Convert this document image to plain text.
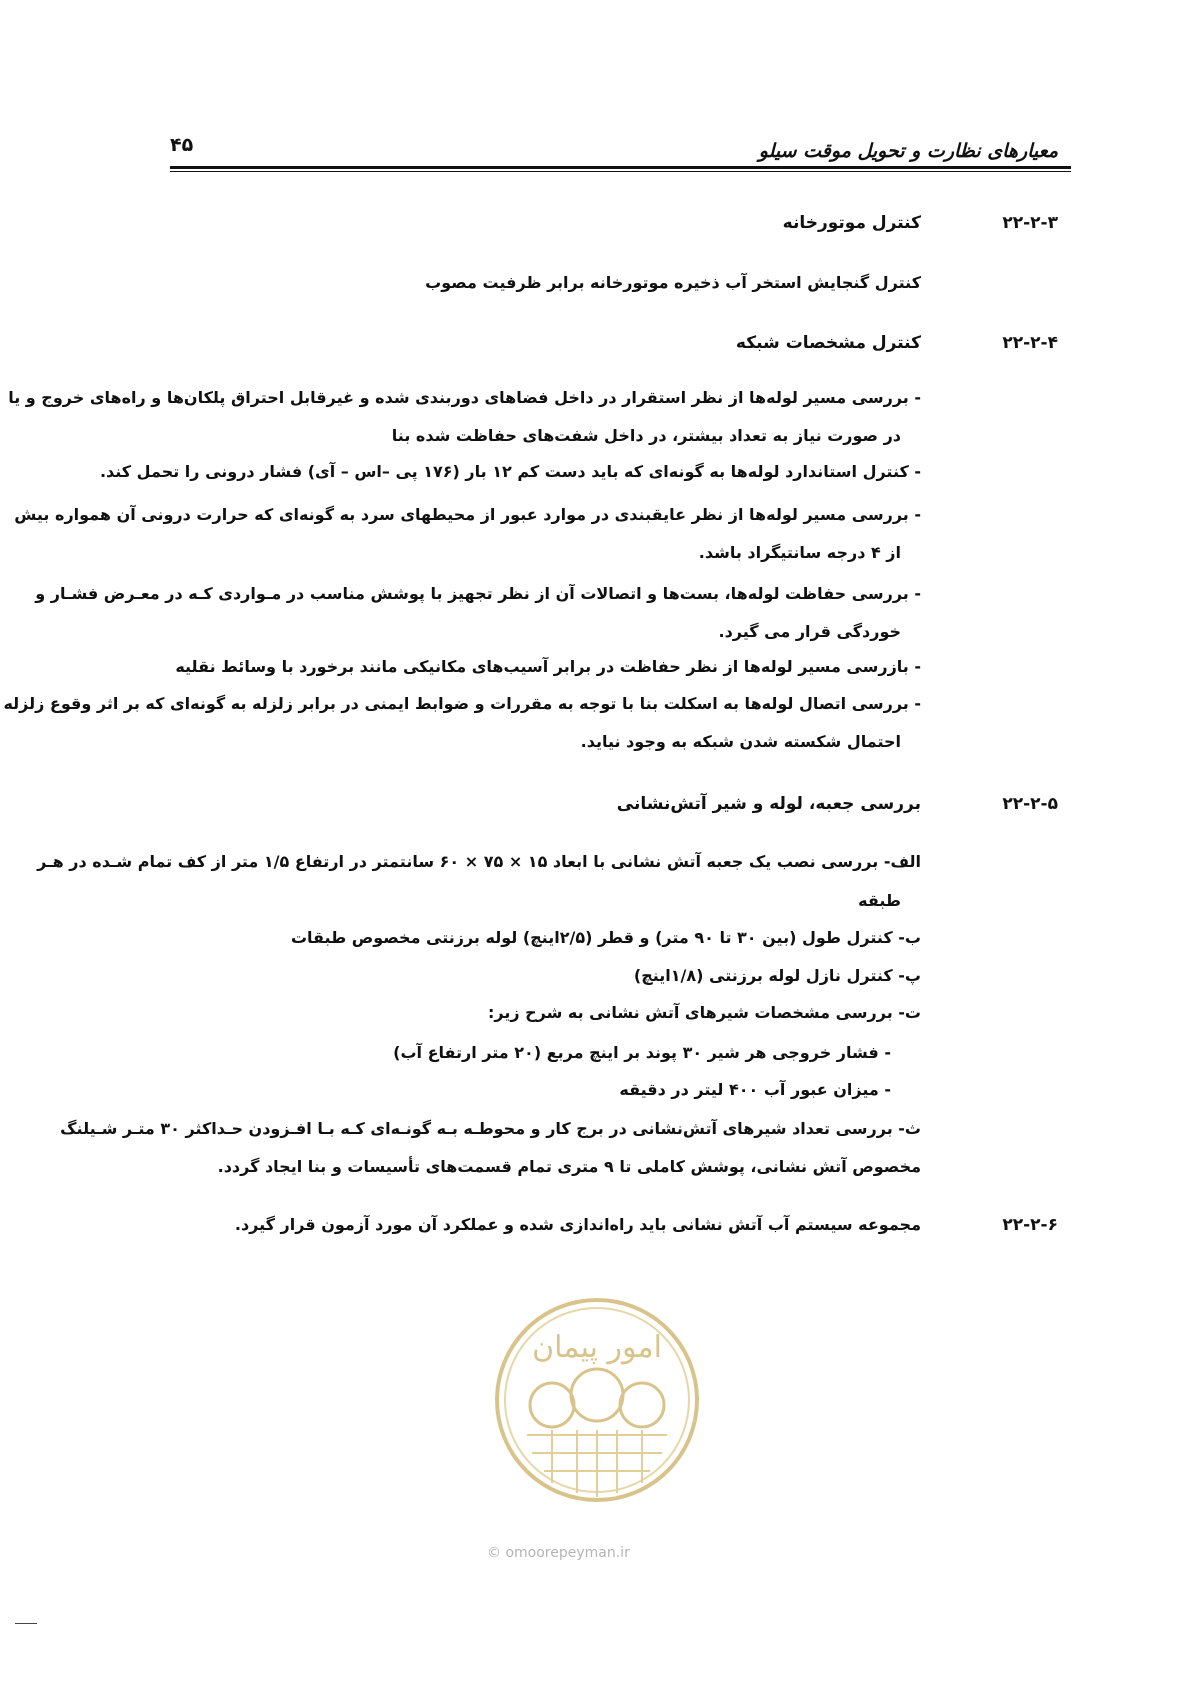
معیارهای نظارت و تحویل موقت سیلو
۴۵
۲۲-۲-۳
کنترل موتورخانه
کنترل گنجایش استخر آب ذخیره موتورخانه برابر ظرفیت مصوب
۲۲-۲-۴
کنترل مشخصات شبکه
- بررسی مسیر لوله‌ها از نظر استقرار در داخل فضاهای دوربندی شده و غیرقابل احتراق پلکان‌ها و راه‌های خروج و یا
در صورت نیاز به تعداد بیشتر، در داخل شفت‌های حفاظت شده بنا
- کنترل استاندارد لوله‌ها به گونه‌ای که باید دست کم ۱۲ بار (۱۷۶ پی –اس – آی) فشار درونی را تحمل کند.
- بررسی مسیر لوله‌ها از نظر عایقبندی در موارد عبور از محیطهای سرد به گونه‌ای که حرارت درونی آن همواره بیش
از ۴ درجه سانتیگراد باشد.
- بررسی حفاظت لوله‌ها، بست‌ها و اتصالات آن از نظر تجهیز با پوشش مناسب در مـواردی کـه در معـرض فشـار و
خوردگی قرار می گیرد.
- بازرسی مسیر لوله‌ها از نظر حفاظت در برابر آسیب‌های مکانیکی مانند برخورد با وسائط نقلیه
- بررسی اتصال لوله‌ها به اسکلت بنا با توجه به مقررات و ضوابط ایمنی در برابر زلزله به گونه‌ای که بر اثر وقوع زلزله
احتمال شکسته شدن شبکه به وجود نیاید.
۲۲-۲-۵
بررسی جعبه، لوله و شیر آتش‌نشانی
الف- بررسی نصب یک جعبه آتش نشانی با ابعاد ۱۵ × ۷۵ × ۶۰ سانتمتر در ارتفاع ۱/۵ متر از کف تمام شـده در هـر
طبقه
ب- کنترل طول (بین ۳۰ تا ۹۰ متر) و قطر (۲/۵اینچ) لوله برزنتی مخصوص طبقات
پ- کنترل نازل لوله برزنتی (۱/۸اینچ)
ت- بررسی مشخصات شیرهای آتش نشانی به شرح زیر:
- فشار خروجی هر شیر ۳۰ پوند بر اینچ مربع (۲۰ متر ارتفاع آب)
- میزان عبور آب ۴۰۰ لیتر در دقیقه
ث- بررسی تعداد شیرهای آتش‌نشانی در برج کار و محوطـه بـه گونـه‌ای کـه بـا افـزودن حـداکثر ۳۰ متـر شـیلنگ
مخصوص آتش نشانی، پوشش کاملی تا ۹ متری تمام قسمت‌های تأسیسات و بنا ایجاد گردد.
۲۲-۲-۶
مجموعه سیستم آب آتش نشانی باید راه‌اندازی شده و عملکرد آن مورد آزمون قرار گیرد.
امور پیمان
© omoorepeyman.ir
